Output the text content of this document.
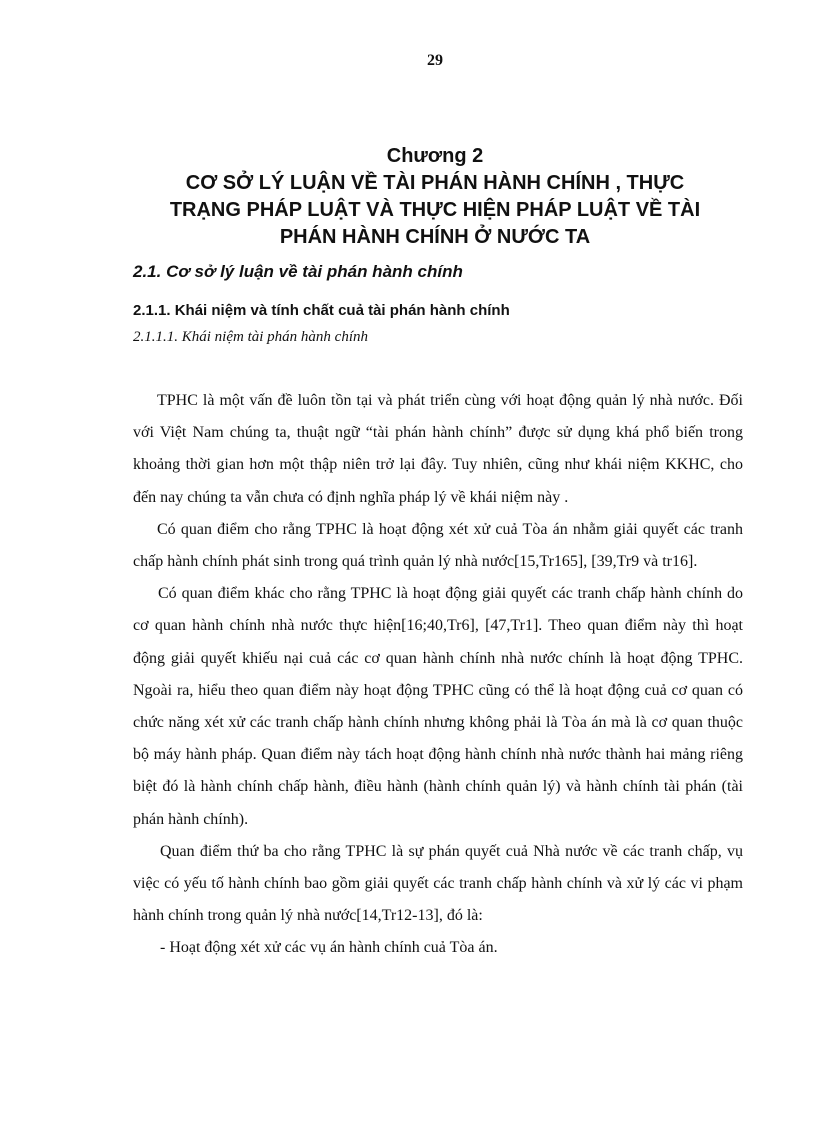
29
Chương 2
CƠ SỞ LÝ LUẬN VỀ TÀI PHÁN HÀNH CHÍNH , THỰC
TRẠNG PHÁP LUẬT VÀ THỰC HIỆN PHÁP LUẬT VỀ TÀI
PHÁN HÀNH CHÍNH Ở NƯỚC TA
2.1. Cơ sở lý luận về tài phán hành chính
2.1.1. Khái niệm và tính chất cuả tài phán hành chính
2.1.1.1. Khái niệm tài phán hành chính

TPHC là một vấn đề luôn tồn tại và phát triển cùng với hoạt động quản lý nhà nước. Đối với Việt Nam chúng ta, thuật ngữ “tài phán hành chính” được sử dụng khá phổ biến trong khoảng thời gian hơn một thập niên trở lại đây. Tuy nhiên, cũng như khái niệm KKHC, cho đến nay chúng ta vẫn chưa có định nghĩa pháp lý về khái niệm này .

Có quan điểm cho rằng TPHC là hoạt động xét xử cuả Tòa án nhằm giải quyết các tranh chấp hành chính phát sinh trong quá trình quản lý nhà nước[15,Tr165], [39,Tr9 và tr16].

Có quan điểm khác cho rằng TPHC là hoạt động giải quyết các tranh chấp hành chính do cơ quan hành chính nhà nước thực hiện[16;40,Tr6], [47,Tr1]. Theo quan điểm này thì hoạt động giải quyết khiếu nại cuả các cơ quan hành chính nhà nước chính là hoạt động TPHC. Ngoài ra, hiểu theo quan điểm này hoạt động TPHC cũng có thể là hoạt động cuả cơ quan có chức năng xét xử các tranh chấp hành chính nhưng không phải là Tòa án mà là cơ quan thuộc bộ máy hành pháp. Quan điểm này tách hoạt động hành chính nhà nước thành hai mảng riêng biệt đó là hành chính chấp hành, điều hành (hành chính quản lý) và hành chính tài phán (tài phán hành chính).

Quan điểm thứ ba cho rằng TPHC là sự phán quyết cuả Nhà nước về các tranh chấp, vụ việc có yếu tố hành chính bao gồm giải quyết các tranh chấp hành chính và xử lý các vi phạm hành chính trong quản lý nhà nước[14,Tr12-13], đó là:

- Hoạt động xét xử các vụ án hành chính cuả Tòa án.
